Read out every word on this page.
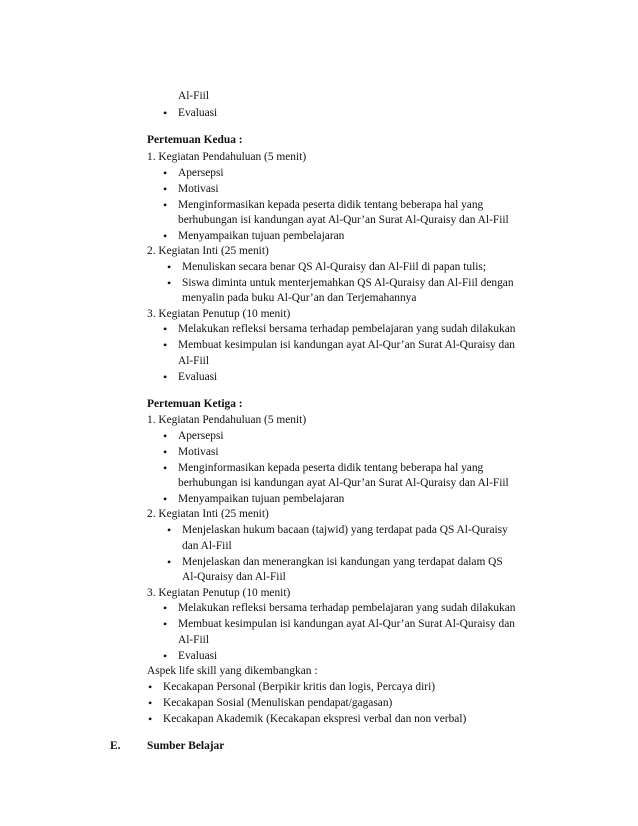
Al-Fiil
• Evaluasi
Pertemuan Kedua :
1. Kegiatan Pendahuluan (5 menit)
• Apersepsi
• Motivasi
• Menginformasikan kepada peserta didik tentang beberapa hal yang
berhubungan isi kandungan ayat Al-Qur’an Surat Al-Quraisy dan Al-Fiil
• Menyampaikan tujuan pembelajaran
2. Kegiatan Inti (25 menit)
• Menuliskan secara benar QS Al-Quraisy dan Al-Fiil di papan tulis;
• Siswa diminta untuk menterjemahkan QS Al-Quraisy dan Al-Fiil dengan
menyalin pada buku Al-Qur’an dan Terjemahannya
3. Kegiatan Penutup (10 menit)
• Melakukan refleksi bersama terhadap pembelajaran yang sudah dilakukan
• Membuat kesimpulan isi kandungan ayat Al-Qur’an Surat Al-Quraisy dan
Al-Fiil
• Evaluasi
Pertemuan Ketiga :
1. Kegiatan Pendahuluan (5 menit)
• Apersepsi
• Motivasi
• Menginformasikan kepada peserta didik tentang beberapa hal yang
berhubungan isi kandungan ayat Al-Qur’an Surat Al-Quraisy dan Al-Fiil
• Menyampaikan tujuan pembelajaran
2. Kegiatan Inti (25 menit)
• Menjelaskan hukum bacaan (tajwid) yang terdapat pada QS Al-Quraisy
dan Al-Fiil
• Menjelaskan dan menerangkan isi kandungan yang terdapat dalam QS
Al-Quraisy dan Al-Fiil
3. Kegiatan Penutup (10 menit)
• Melakukan refleksi bersama terhadap pembelajaran yang sudah dilakukan
• Membuat kesimpulan isi kandungan ayat Al-Qur’an Surat Al-Quraisy dan
Al-Fiil
• Evaluasi
Aspek life skill yang dikembangkan :
• Kecakapan Personal (Berpikir kritis dan logis, Percaya diri)
• Kecakapan Sosial (Menuliskan pendapat/gagasan)
• Kecakapan Akademik (Kecakapan ekspresi verbal dan non verbal)
E. Sumber Belajar
